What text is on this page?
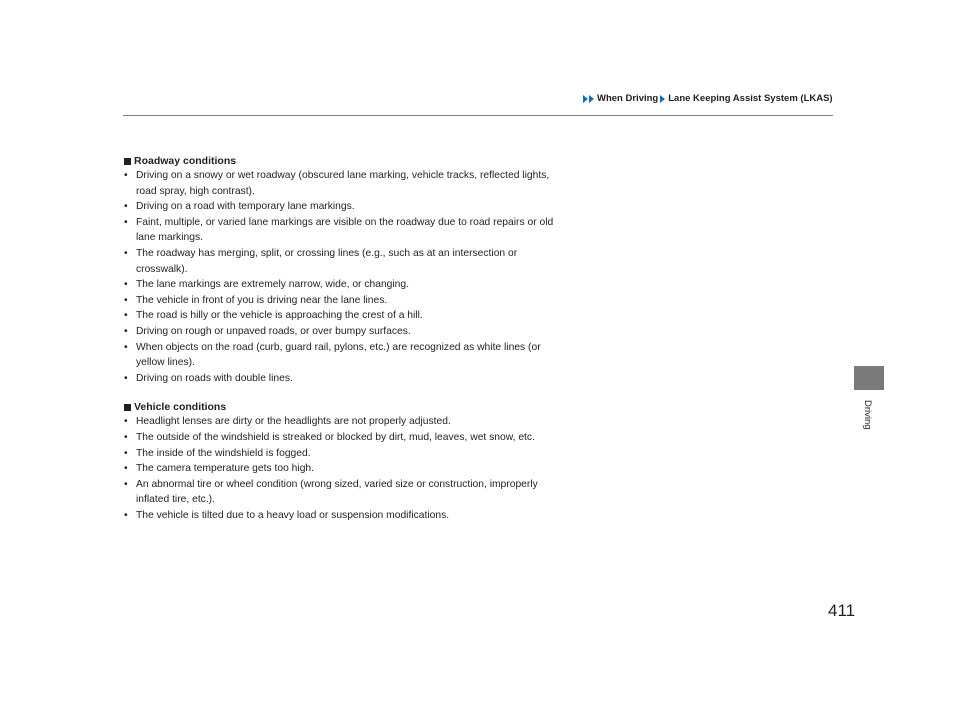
When Driving Lane Keeping Assist System (LKAS)
Driving
Roadway conditions
• Driving on a snowy or wet roadway (obscured lane marking, vehicle tracks, reflected lights, road spray, high contrast).
• Driving on a road with temporary lane markings.
• Faint, multiple, or varied lane markings are visible on the roadway due to road repairs or old lane markings.
• The roadway has merging, split, or crossing lines (e.g., such as at an intersection or crosswalk).
• The lane markings are extremely narrow, wide, or changing.
• The vehicle in front of you is driving near the lane lines.
• The road is hilly or the vehicle is approaching the crest of a hill.
• Driving on rough or unpaved roads, or over bumpy surfaces.
• When objects on the road (curb, guard rail, pylons, etc.) are recognized as white lines (or yellow lines).
• Driving on roads with double lines.
Vehicle conditions
• Headlight lenses are dirty or the headlights are not properly adjusted.
• The outside of the windshield is streaked or blocked by dirt, mud, leaves, wet snow, etc.
• The inside of the windshield is fogged.
• The camera temperature gets too high.
• An abnormal tire or wheel condition (wrong sized, varied size or construction, improperly inflated tire, etc.).
• The vehicle is tilted due to a heavy load or suspension modifications.
411
